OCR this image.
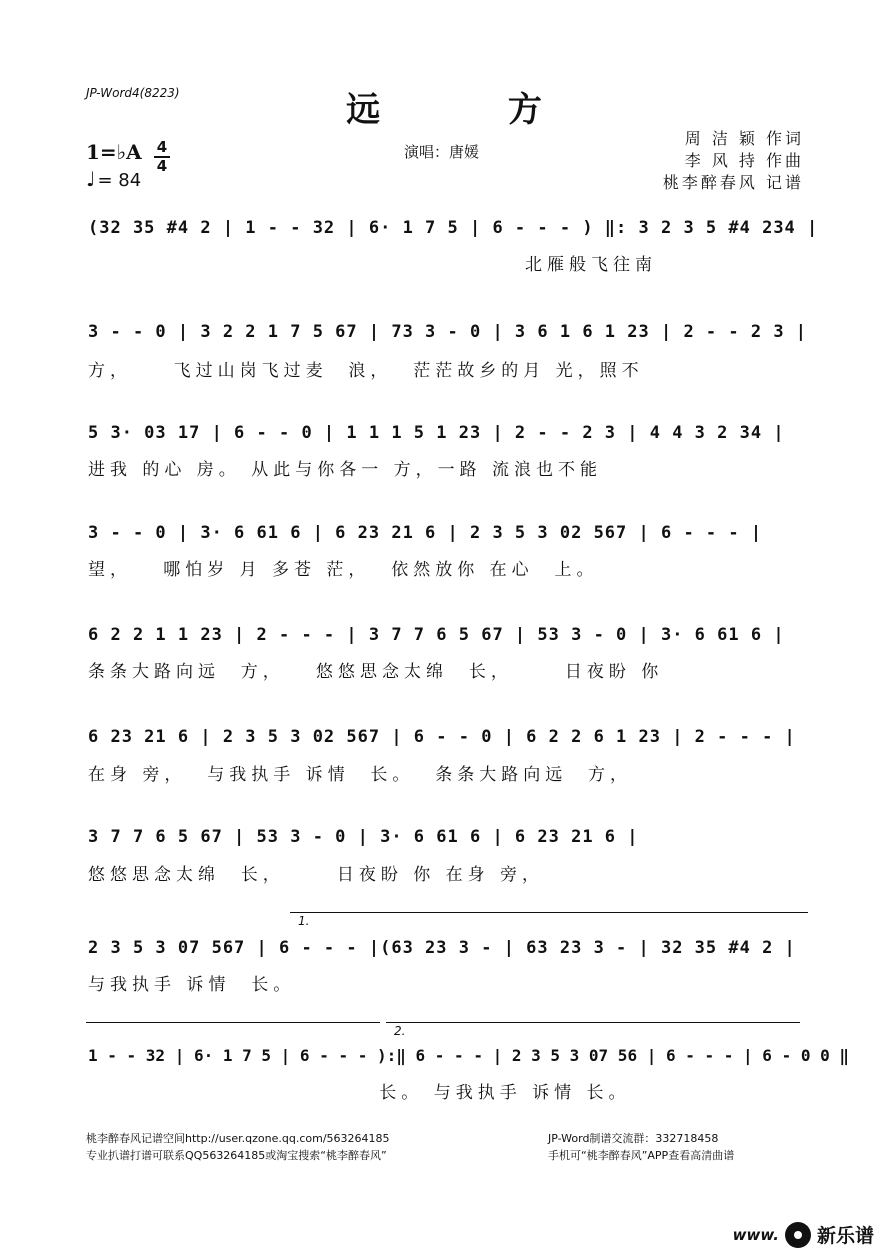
JP-Word4(8223)	远 方
演唱：唐媛
周 洁 颖 作词
李 风 持 作曲
桃李醉春风 记谱
1=♭A	4
4
♩ = 84
(32 35 #4 2 | 1 - - 32 | 6· 1 7 5 | 6 - - - ) ‖: 3 2 3 5 #4 234 |
北雁般飞往南
3 - - 0 | 3 2 2 1 7 5 67 | 73 3 - 0 | 3 6 1 6 1 23 | 2 - - 2 3 |
方，    飞过山岗飞过麦  浪，  茫茫故乡的月 光，照不
5 3· 03 17 | 6 - - 0 | 1 1 1 5 1 23 | 2 - - 2 3 | 4 4 3 2 34 |
进我 的心 房。 从此与你各一 方，一路 流浪也不能
3 - - 0 | 3· 6 61 6 | 6 23 21 6 | 2 3 5 3 02 567 | 6 - - - |
望，   哪怕岁 月 多苍 茫，  依然放你 在心  上。
6 2 2 1 1 23 | 2 - - - | 3 7 7 6 5 67 | 53 3 - 0 | 3· 6 61 6 |
条条大路向远  方，   悠悠思念太绵  长，     日夜盼 你
6 23 21 6 | 2 3 5 3 02 567 | 6 - - 0 | 6 2 2 6 1 23 | 2 - - - |
在身 旁，  与我执手 诉情  长。  条条大路向远  方，
3 7 7 6 5 67 | 53 3 - 0 | 3· 6 61 6 | 6 23 21 6 |
悠悠思念太绵  长，     日夜盼 你 在身 旁，
1.
2 3 5 3 07 567 | 6 - - - |(63 23 3 - | 63 23 3 - | 32 35 #4 2 |
与我执手 诉情  长。
2.
1 - - 32 | 6· 1 7 5 | 6 - - - ):‖ 6 - - - | 2 3 5 3 07 56 | 6 - - - | 6 - 0 0 ‖
长。 与我执手 诉情 长。
桃李醉春风记谱空间http://user.qzone.qq.com/563264185
专业扒谱打谱可联系QQ563264185或淘宝搜索“桃李醉春风”
JP-Word制谱交流群：332718458
手机可“桃李醉春风”APP查看高清曲谱
www. 新乐谱
